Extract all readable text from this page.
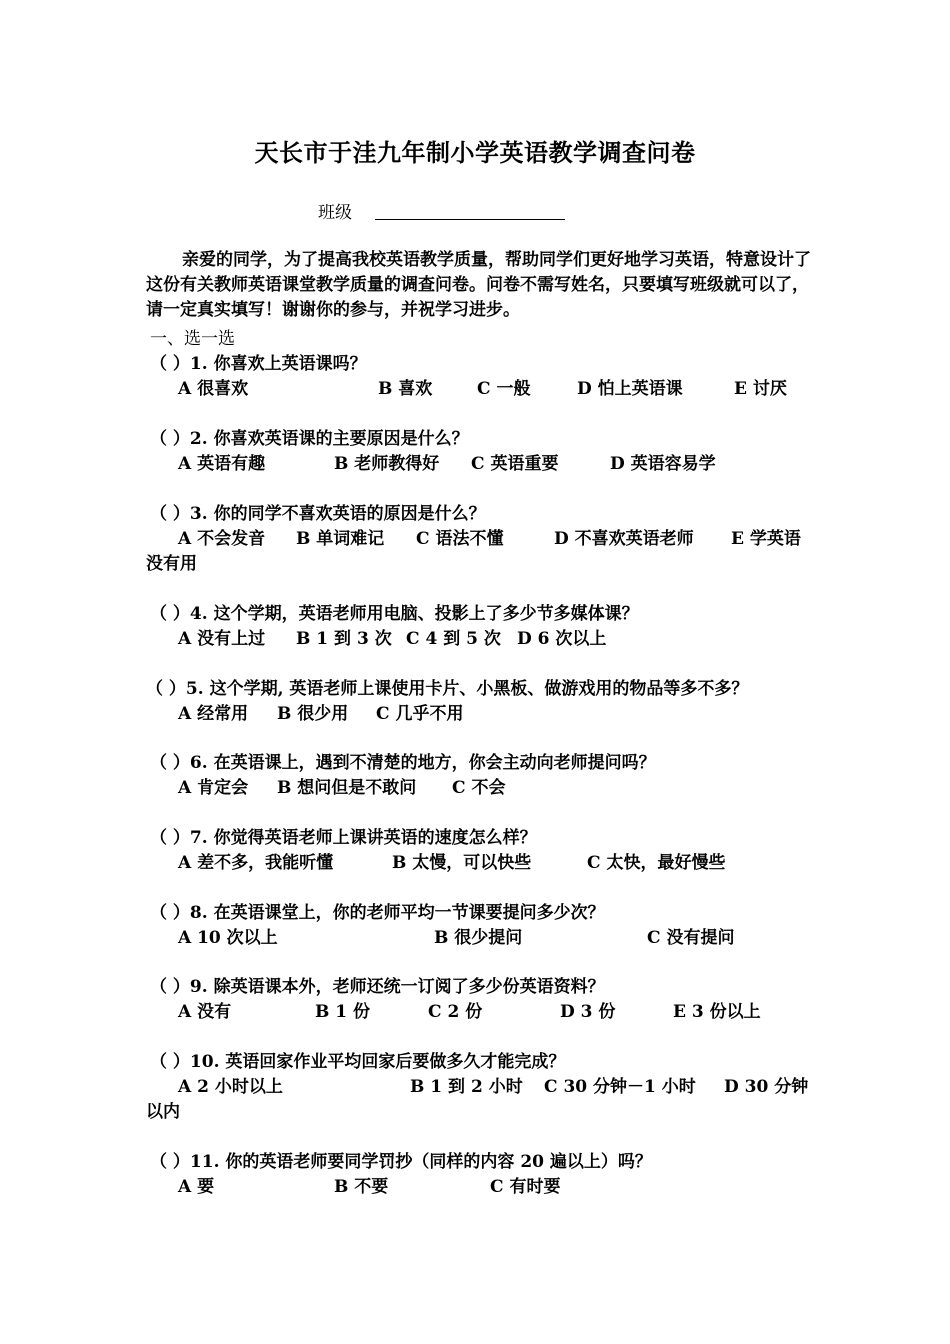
天长市于洼九年制小学英语教学调查问卷
班级
亲爱的同学，为了提高我校英语教学质量，帮助同学们更好地学习英语，特意设计了这份有关教师英语课堂教学质量的调查问卷。问卷不需写姓名，只要填写班级就可以了，请一定真实填写！谢谢你的参与，并祝学习进步。
一、选一选
（ ）1. 你喜欢上英语课吗？
A 很喜欢	B 喜欢	C 一般	D 怕上英语课	E 讨厌
（ ）2. 你喜欢英语课的主要原因是什么？
A 英语有趣	B 老师教得好 C 英语重要	D 英语容易学
（ ）3. 你的同学不喜欢英语的原因是什么？
A 不会发音 B 单词难记 C 语法不懂	D 不喜欢英语老师 E 学英语
没有用
（ ）4. 这个学期，英语老师用电脑、投影上了多少节多媒体课？
A 没有上过 B 1 到 3 次 C 4 到 5 次 D 6 次以上
（ ）5. 这个学期, 英语老师上课使用卡片、小黑板、做游戏用的物品等多不多？
A 经常用 B 很少用 C 几乎不用
（ ）6. 在英语课上，遇到不清楚的地方，你会主动向老师提问吗？
A 肯定会 B 想问但是不敢问 C 不会
（ ）7. 你觉得英语老师上课讲英语的速度怎么样？
A 差不多，我能听懂	B 太慢，可以快些	C 太快，最好慢些
（ ）8. 在英语课堂上，你的老师平均一节课要提问多少次？
A 10 次以上	B 很少提问	C 没有提问
（ ）9. 除英语课本外，老师还统一订阅了多少份英语资料？
A 没有	B 1 份	C 2 份	D 3 份	E 3 份以上
（ ）10. 英语回家作业平均回家后要做多久才能完成？
A 2 小时以上	B 1 到 2 小时 C 30 分钟－1 小时 D 30 分钟
以内
（ ）11. 你的英语老师要同学罚抄（同样的内容 20 遍以上）吗？
A 要	B 不要	C 有时要
